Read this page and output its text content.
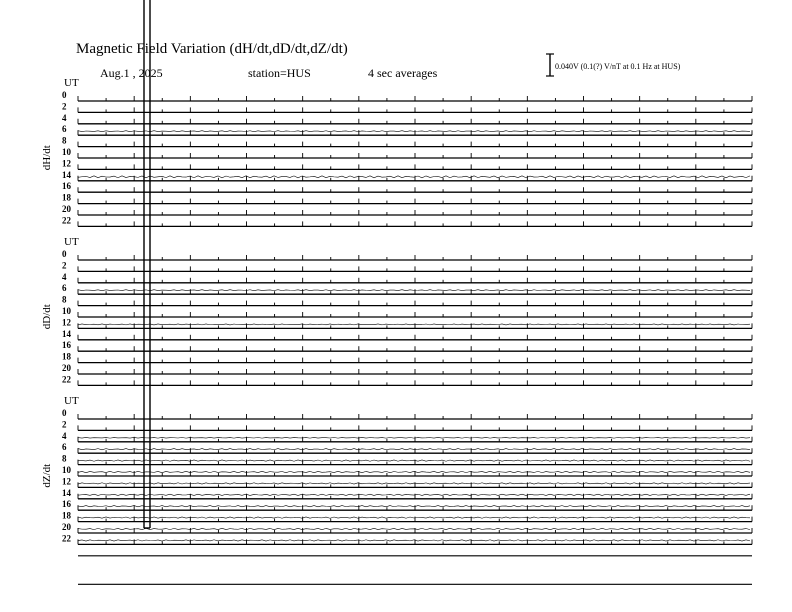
Magnetic Field Variation (dH/dt,dD/dt,dZ/dt)
Aug.1 , 2025	station=HUS	4 sec averages	0.040V (0.1(?) V/nT at 0.1 Hz at HUS)
UT
dH/dt
0
2
4
6
8
10
12
14
16
18
20
22
UT
dD/dt
0
2
4
6
8
10
12
14
16
18
20
22
UT
dZ/dt
0
2
4
6
8
10
12
14
16
18
20
22
